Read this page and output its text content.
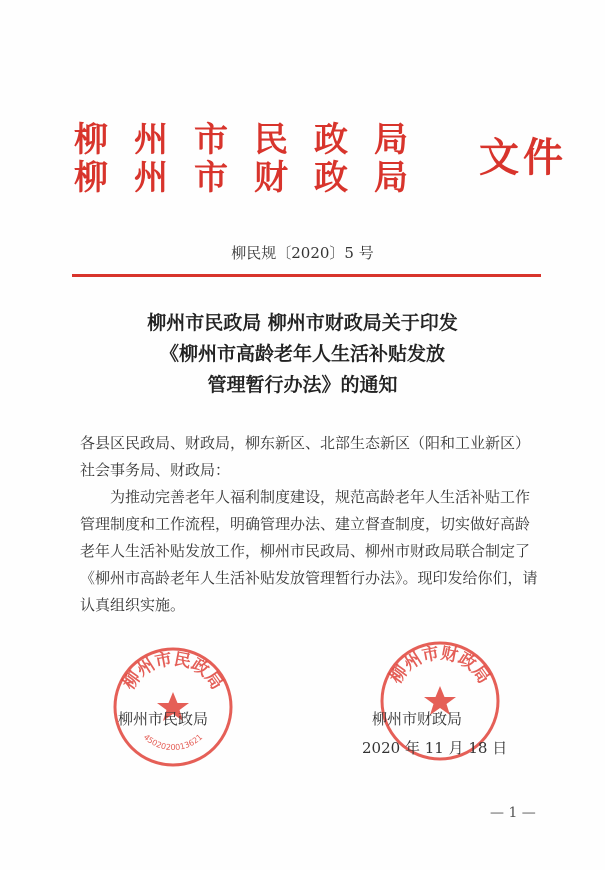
柳州市民政局
柳州市财政局 文件
柳民规〔2020〕5 号
柳州市民政局 柳州市财政局关于印发
《柳州市高龄老年人生活补贴发放
管理暂行办法》的通知

各县区民政局、财政局，柳东新区、北部生态新区（阳和工业新区）社会事务局、财政局：

为推动完善老年人福利制度建设，规范高龄老年人生活补贴工作管理制度和工作流程，明确管理办法、建立督查制度，切实做好高龄老年人生活补贴发放工作，柳州市民政局、柳州市财政局联合制定了《柳州市高龄老年人生活补贴发放管理暂行办法》。现印发给你们，请认真组织实施。

柳州市民政局
4502020013621
柳州市财政局
柳州市民政局	柳州市财政局
2020 年 11 月 18 日
— 1 —
